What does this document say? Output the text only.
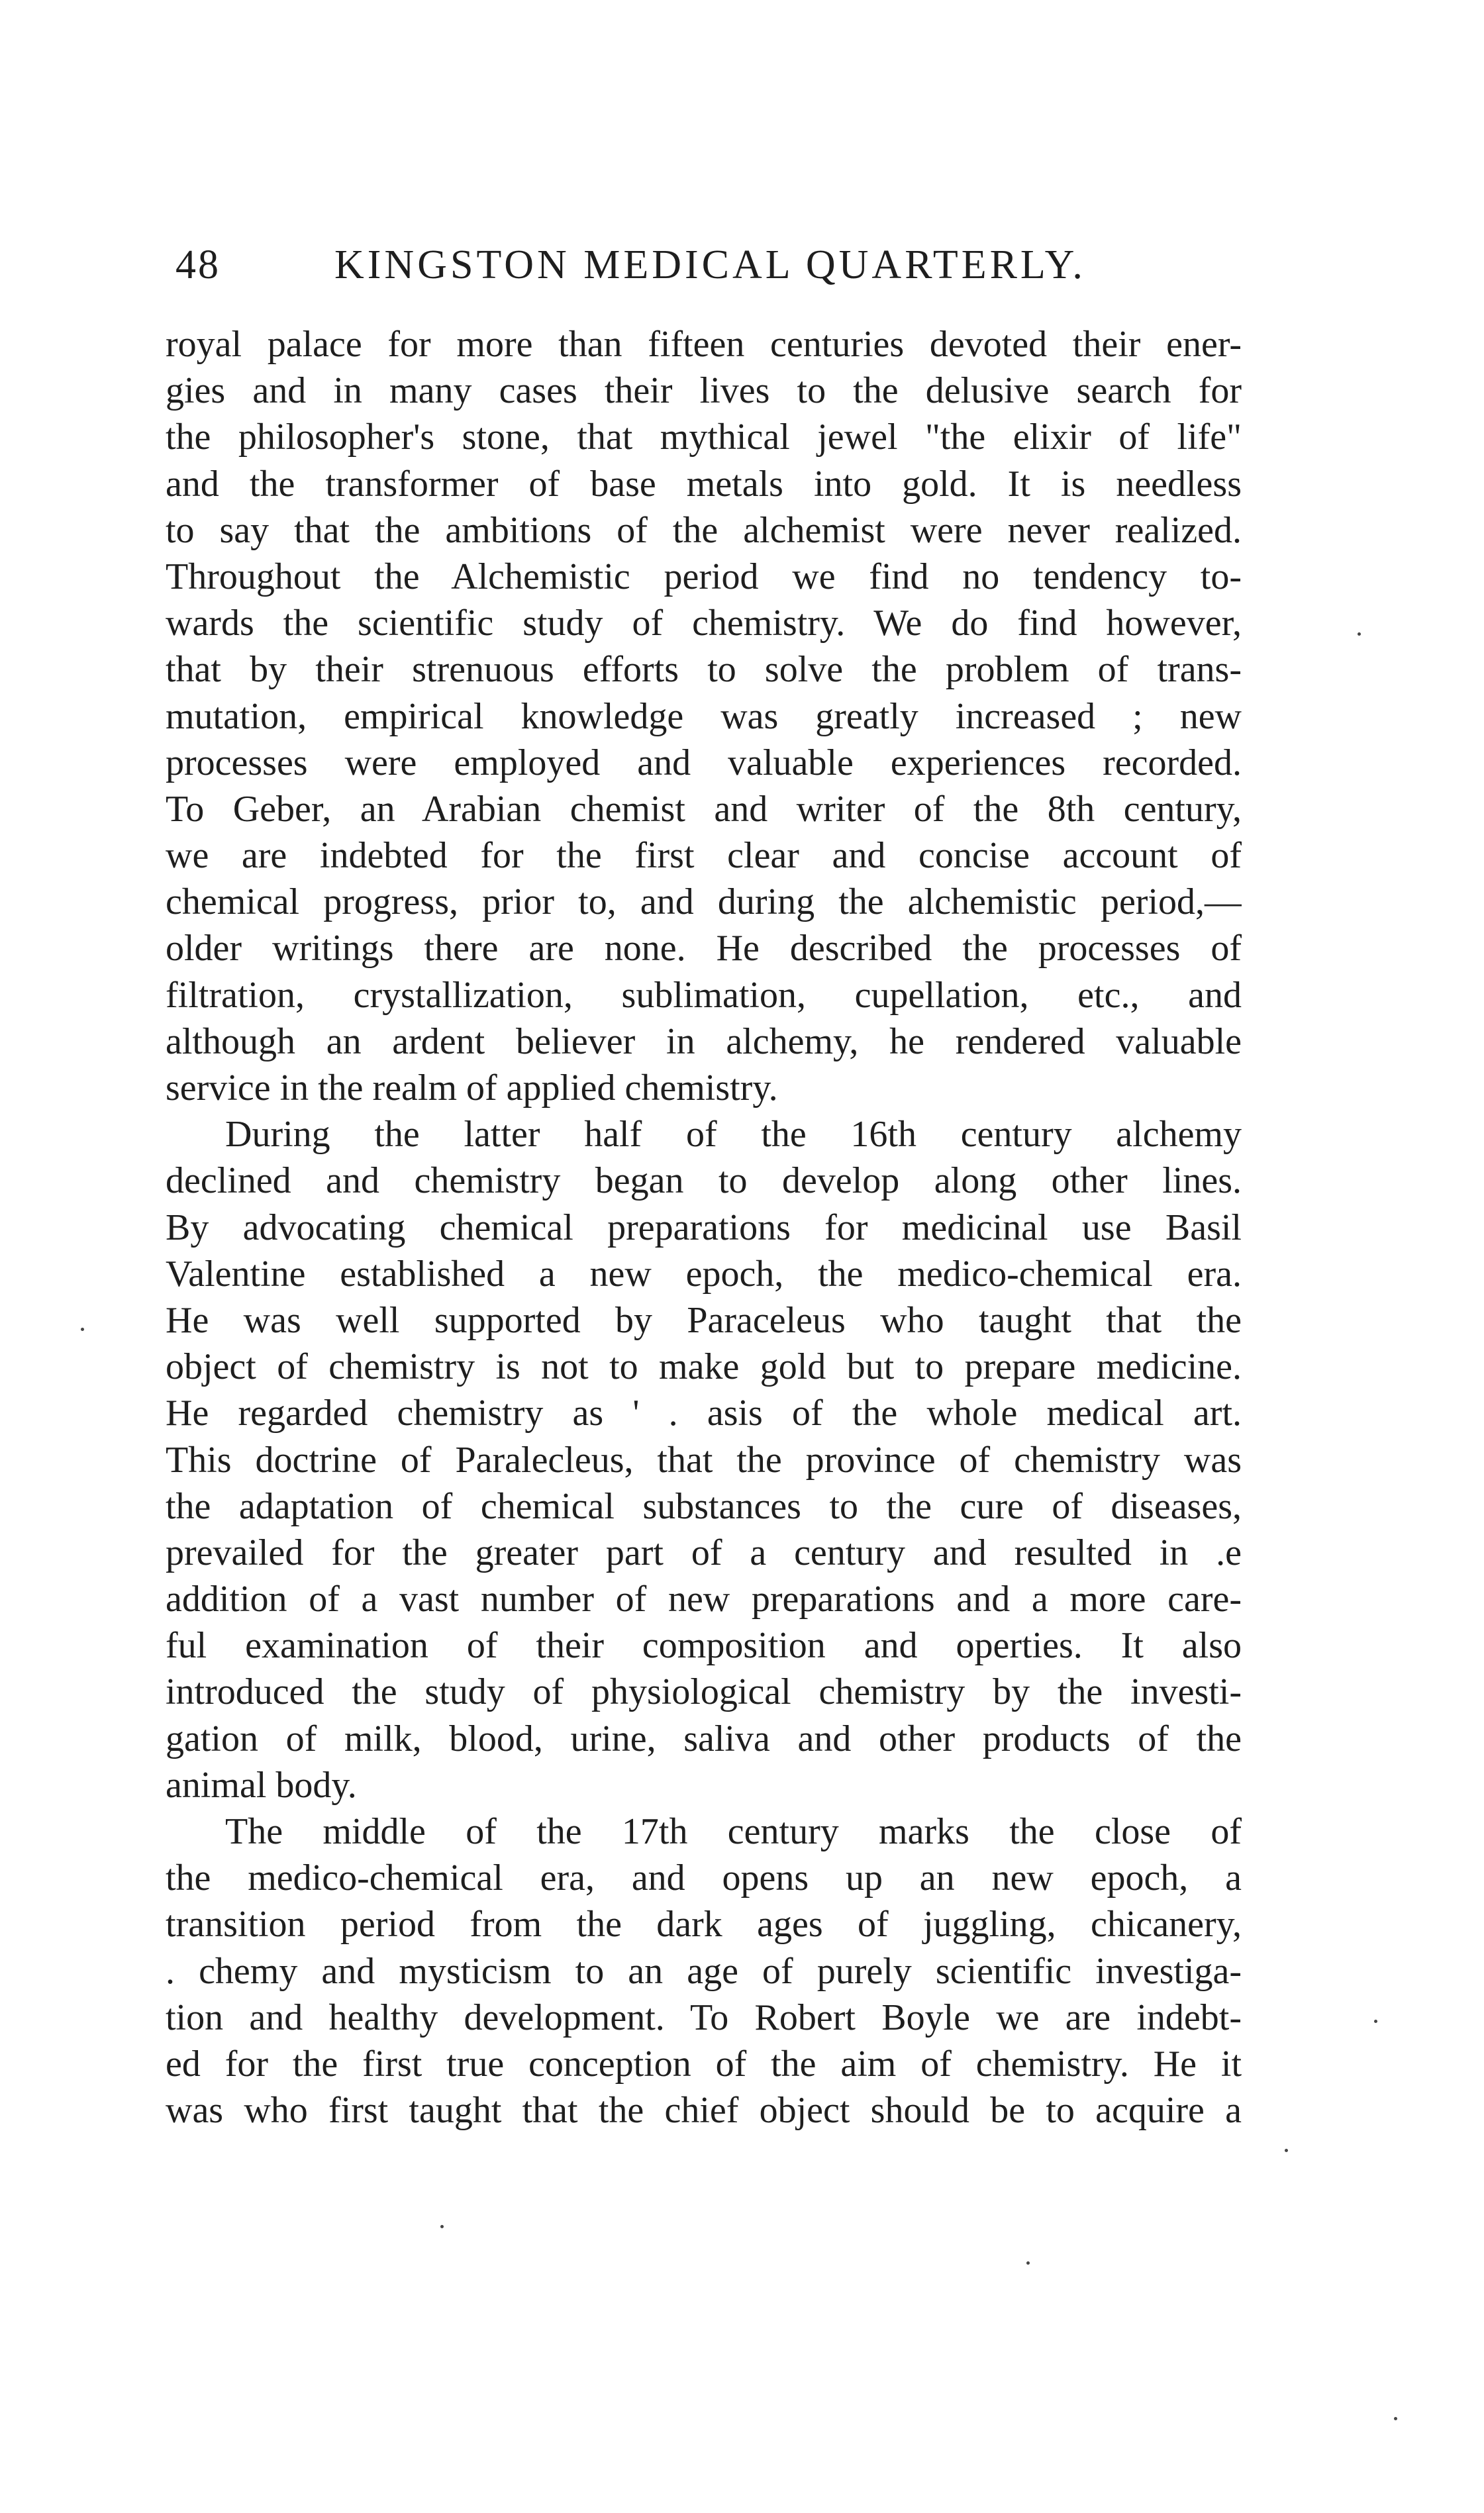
48	KINGSTON MEDICAL QUARTERLY.
royal palace for more than fifteen centuries devoted their ener-
gies and in many cases their lives to the delusive search for
the philosopher's stone, that mythical jewel "the elixir of life"
and the transformer of base metals into gold. It is needless
to say that the ambitions of the alchemist were never realized.
Throughout the Alchemistic period we find no tendency to-
wards the scientific study of chemistry. We do find however,
that by their strenuous efforts to solve the problem of trans-
mutation, empirical knowledge was greatly increased ; new
processes were employed and valuable experiences recorded.
To Geber, an Arabian chemist and writer of the 8th century,
we are indebted for the first clear and concise account of
chemical progress, prior to, and during the alchemistic period,—
older writings there are none. He described the processes of
filtration, crystallization, sublimation, cupellation, etc., and
although an ardent believer in alchemy, he rendered valuable
service in the realm of applied chemistry.
During the latter half of the 16th century alchemy
declined and chemistry began to develop along other lines.
By advocating chemical preparations for medicinal use Basil
Valentine established a new epoch, the medico-chemical era.
He was well supported by Paraceleus who taught that the
object of chemistry is not to make gold but to prepare medicine.
He regarded chemistry as ' . asis of the whole medical art.
This doctrine of Paralecleus, that the province of chemistry was
the adaptation of chemical substances to the cure of diseases,
prevailed for the greater part of a century and resulted in .e
addition of a vast number of new preparations and a more care-
ful examination of their composition and operties. It also
introduced the study of physiological chemistry by the investi-
gation of milk, blood, urine, saliva and other products of the
animal body.
The middle of the 17th century marks the close of
the medico-chemical era, and opens up an new epoch, a
transition period from the dark ages of juggling, chicanery,
. chemy and mysticism to an age of purely scientific investiga-
tion and healthy development. To Robert Boyle we are indebt-
ed for the first true conception of the aim of chemistry. He it
was who first taught that the chief object should be to acquire a
